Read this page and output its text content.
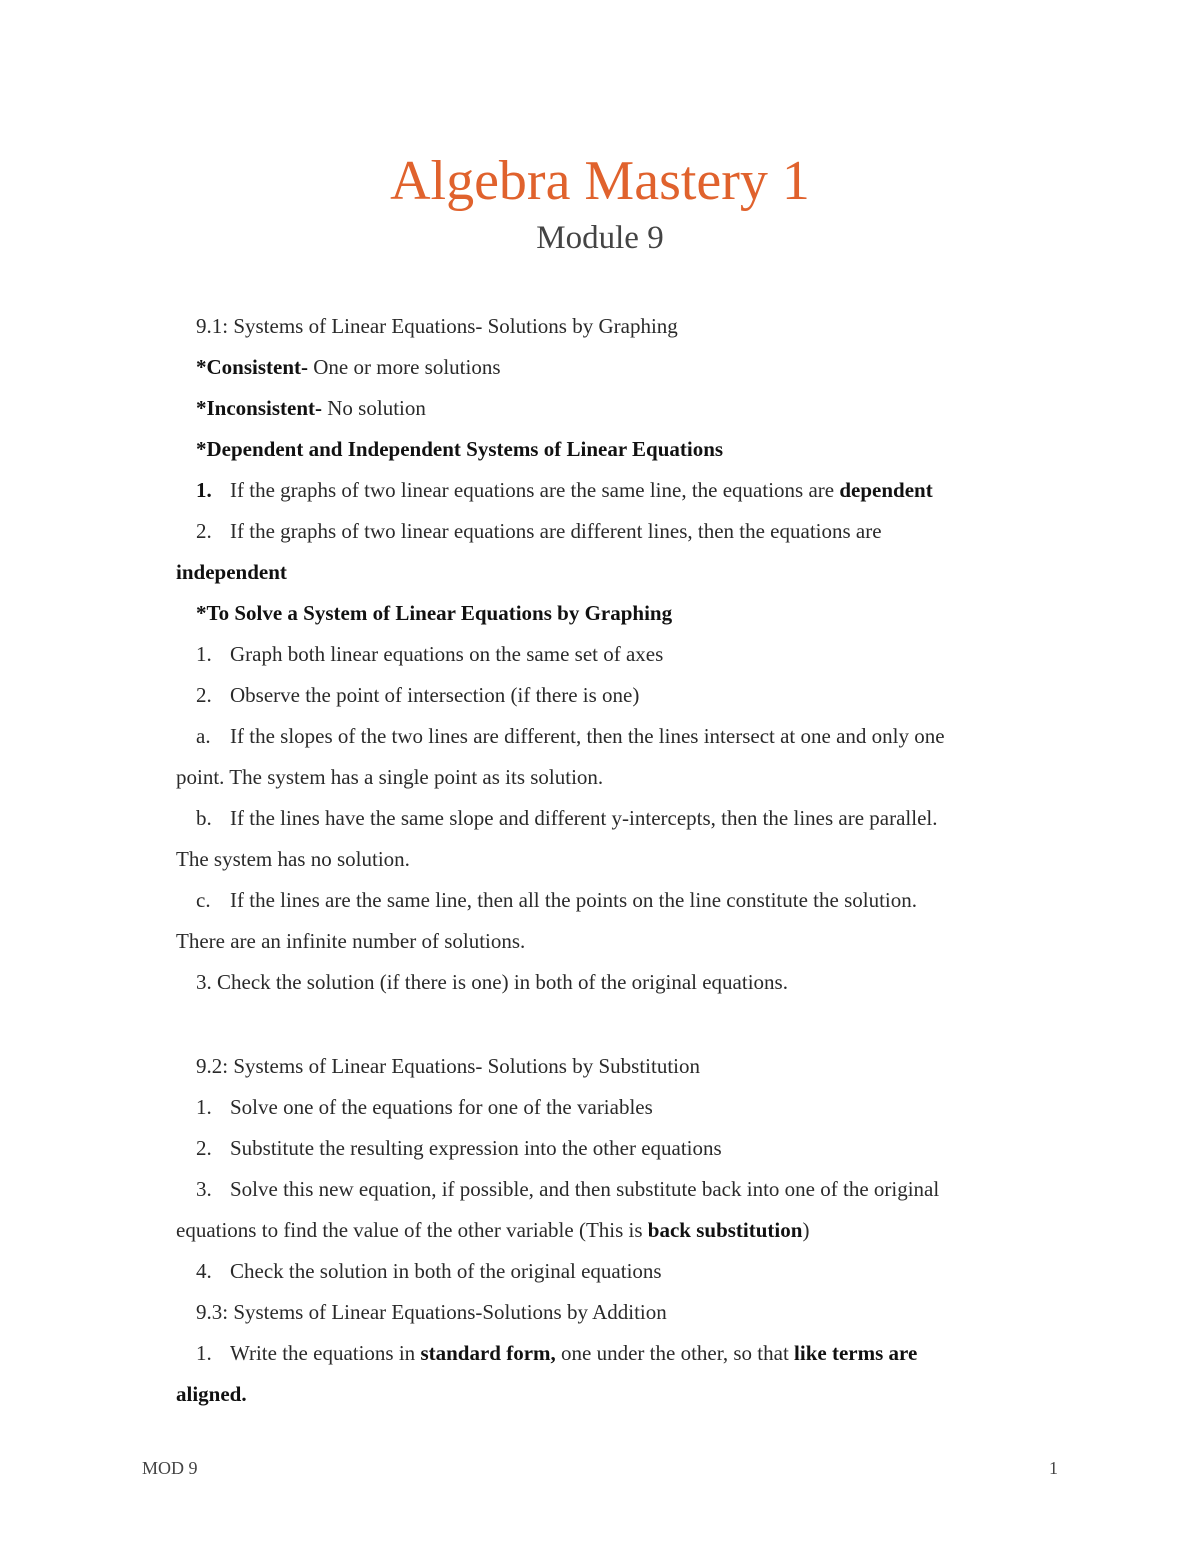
Algebra Mastery 1
Module 9
9.1: Systems of Linear Equations- Solutions by Graphing
*Consistent- One or more solutions
*Inconsistent- No solution
*Dependent and Independent Systems of Linear Equations
1. If the graphs of two linear equations are the same line, the equations are dependent
2. If the graphs of two linear equations are different lines, then the equations are
independent
*To Solve a System of Linear Equations by Graphing
1. Graph both linear equations on the same set of axes
2. Observe the point of intersection (if there is one)
a. If the slopes of the two lines are different, then the lines intersect at one and only one
point. The system has a single point as its solution.
b. If the lines have the same slope and different y-intercepts, then the lines are parallel.
The system has no solution.
c. If the lines are the same line, then all the points on the line constitute the solution.
There are an infinite number of solutions.
3. Check the solution (if there is one) in both of the original equations.
9.2: Systems of Linear Equations- Solutions by Substitution
1. Solve one of the equations for one of the variables
2. Substitute the resulting expression into the other equations
3. Solve this new equation, if possible, and then substitute back into one of the original
equations to find the value of the other variable (This is back substitution)
4. Check the solution in both of the original equations
9.3: Systems of Linear Equations-Solutions by Addition
1. Write the equations in standard form, one under the other, so that like terms are
aligned.
MOD 9	1
